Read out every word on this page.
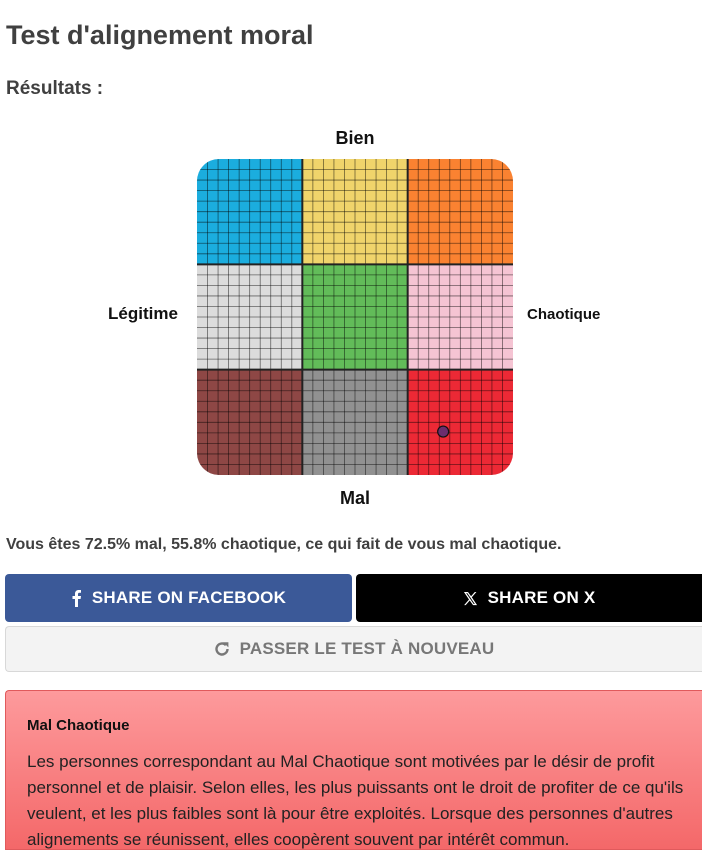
Test d'alignement moral
Résultats :
Bien
Légitime	Chaotique
Mal

Vous êtes 72.5% mal, 55.8% chaotique, ce qui fait de vous mal chaotique.

SHARE ON FACEBOOK	SHARE ON X
PASSER LE TEST À NOUVEAU

Mal Chaotique

Les personnes correspondant au Mal Chaotique sont motivées par le désir de profit personnel et de plaisir. Selon elles, les plus puissants ont le droit de profiter de ce qu'ils veulent, et les plus faibles sont là pour être exploités. Lorsque des personnes d'autres alignements se réunissent, elles coopèrent souvent par intérêt commun.
